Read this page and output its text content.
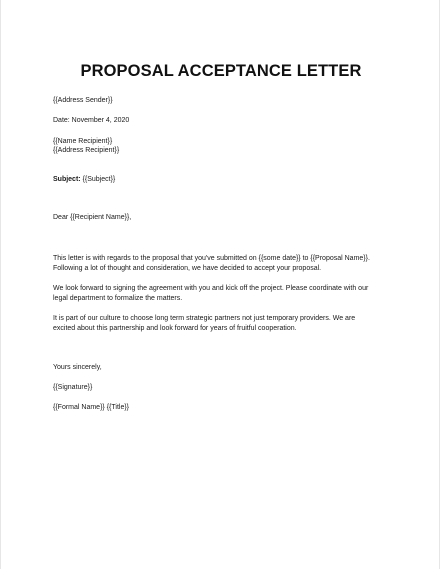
PROPOSAL ACCEPTANCE LETTER
{{Address Sender}}
Date: November 4, 2020
{{Name Recipient}}
{{Address Recipient}}
Subject: {{Subject}}
Dear {{Recipient Name}},
This letter is with regards to the proposal that you've submitted on {{some date}} to {{Proposal Name}}.
Following a lot of thought and consideration, we have decided to accept your proposal.
We look forward to signing the agreement with you and kick off the project. Please coordinate with our
legal department to formalize the matters.
It is part of our culture to choose long term strategic partners not just temporary providers. We are
excited about this partnership and look forward for years of fruitful cooperation.
Yours sincerely,
{{Signature}}
{{Formal Name}} {{Title}}
